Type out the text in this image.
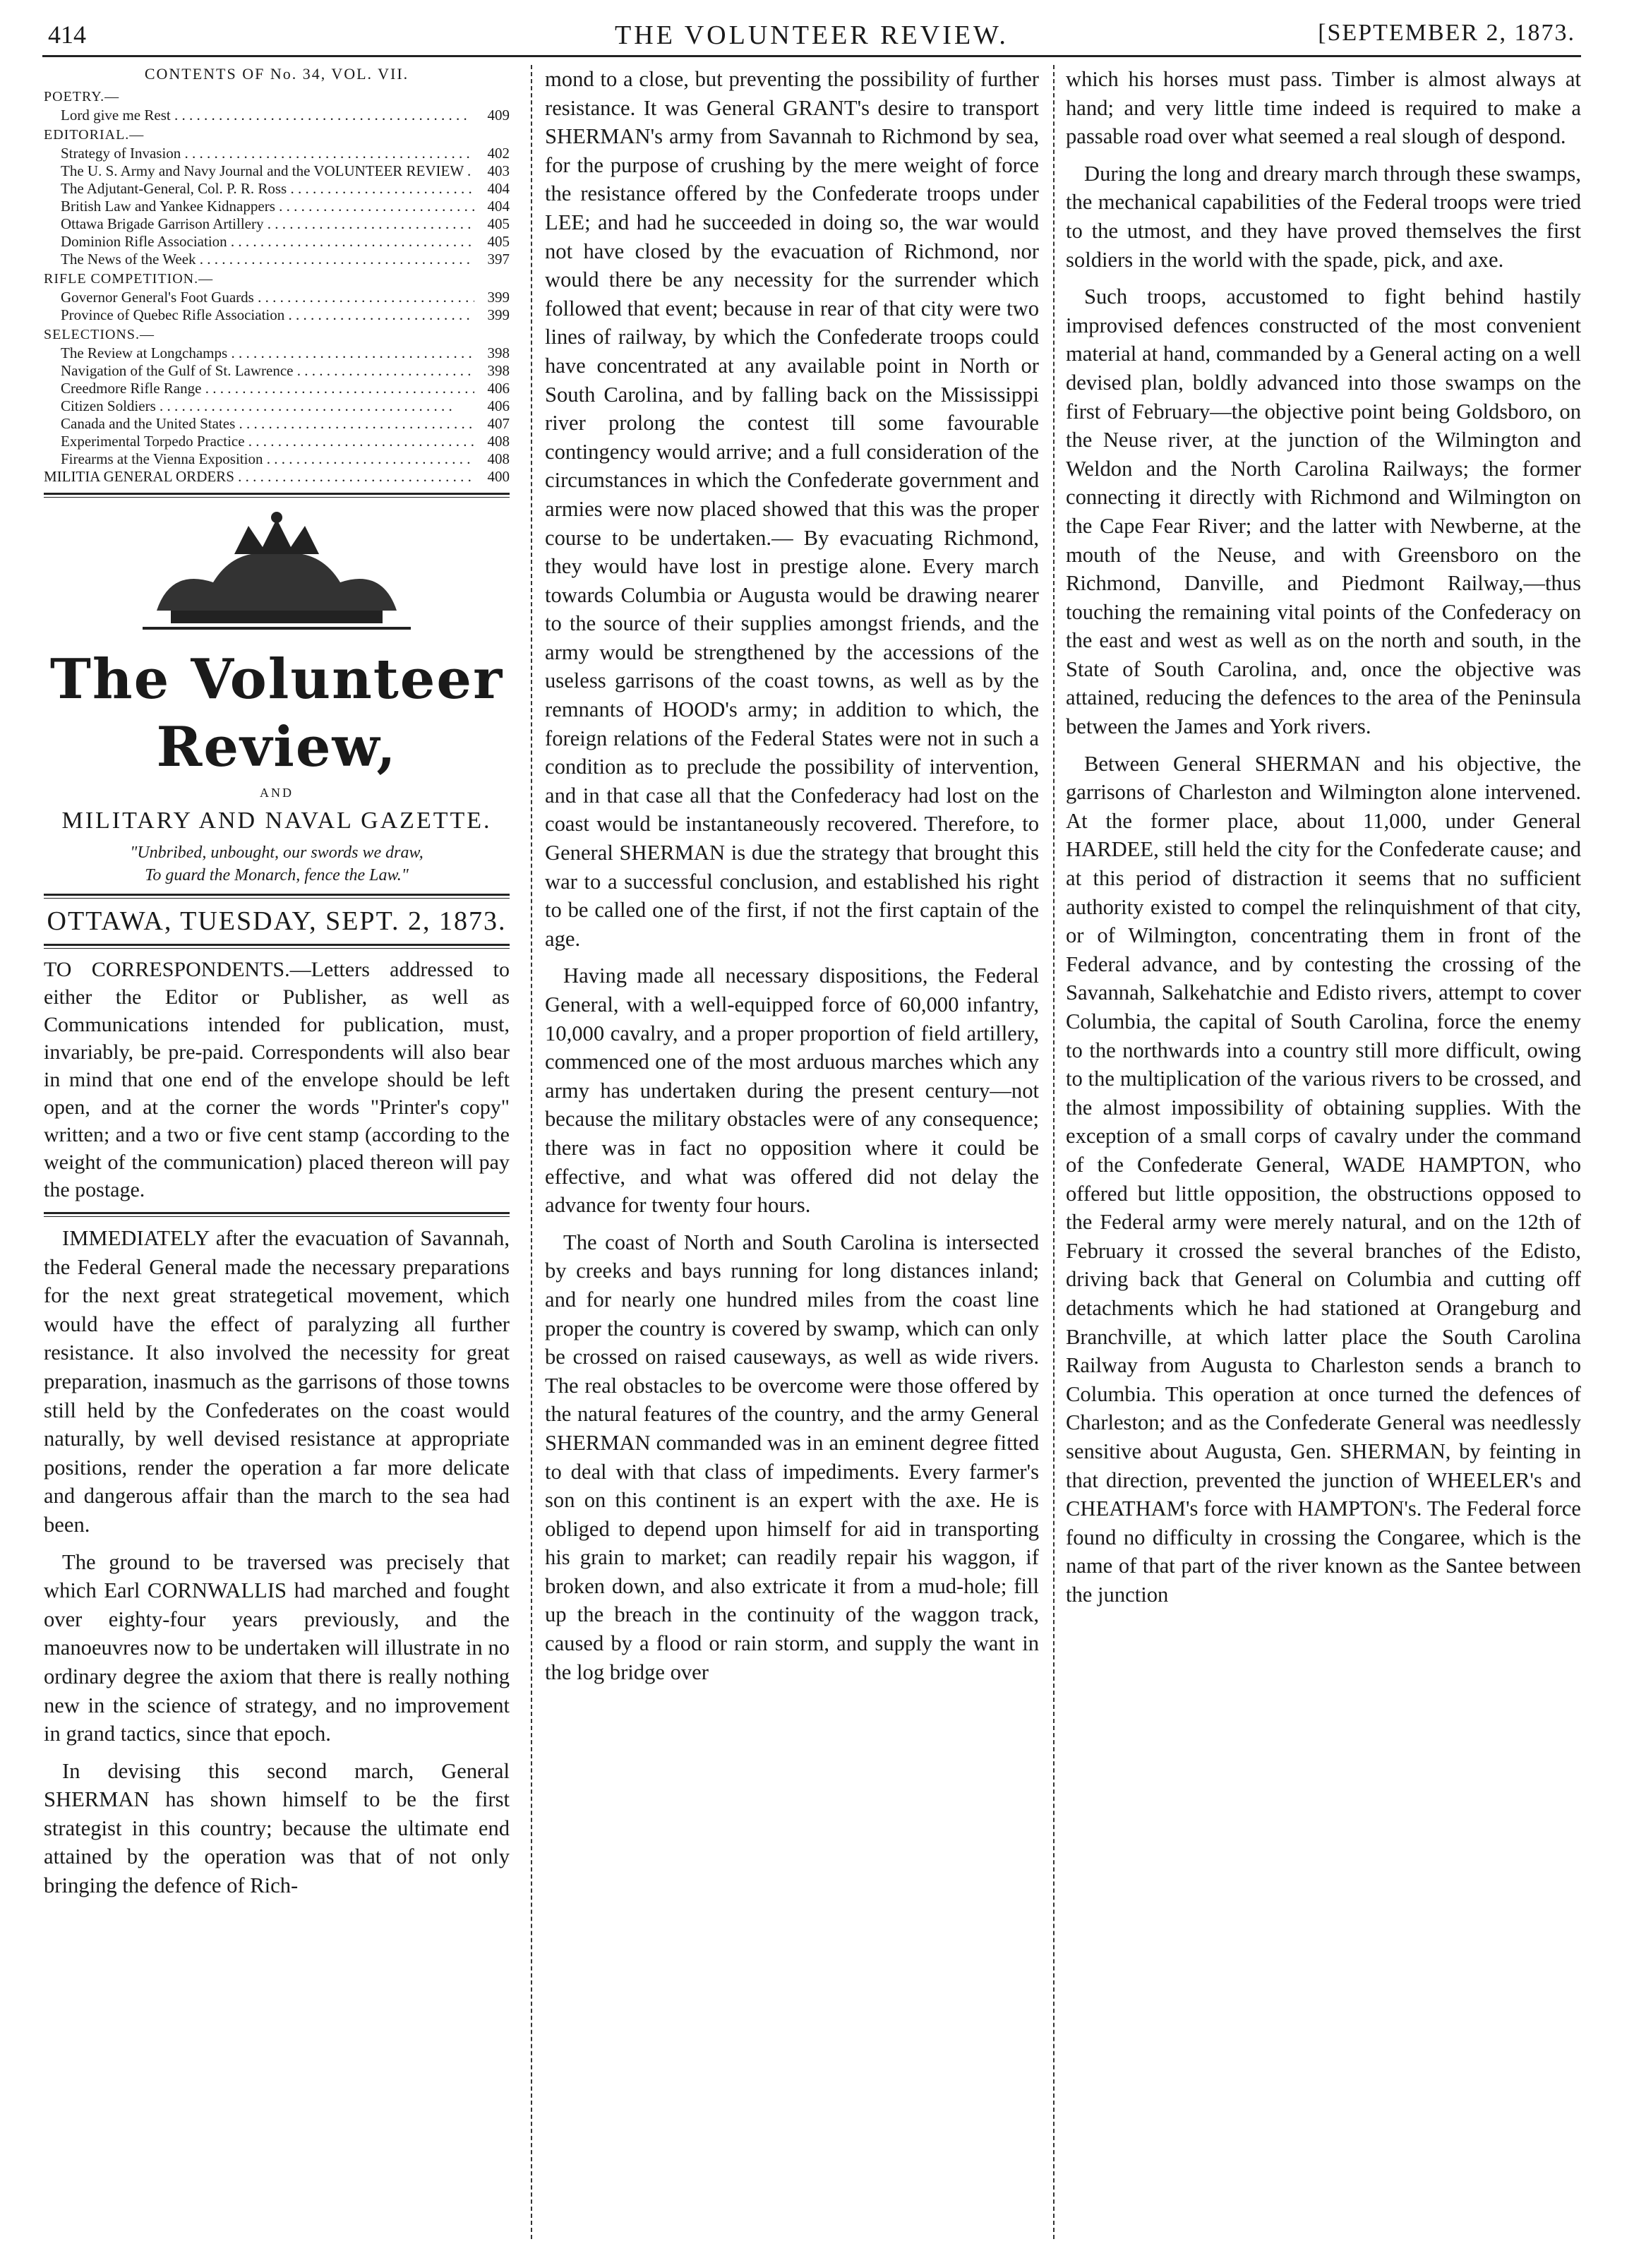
414	THE VOLUNTEER REVIEW.	[SEPTEMBER 2, 1873.
CONTENTS OF No. 34, VOL. VII.
POETRY.—
Lord give me Rest . . .	409
EDITORIAL.—
Strategy of Invasion . . .	402
The U. S. Army and Navy Journal and the VOLUNTEER REVIEW . . .	403
The Adjutant-General, Col. P. R. Ross . . .	404
British Law and Yankee Kidnappers . . .	404
Ottawa Brigade Garrison Artillery . . .	405
Dominion Rifle Association . . .	405
The News of the Week . . .	397
RIFLE COMPETITION.—
Governor General's Foot Guards . . .	399
Province of Quebec Rifle Association . . .	399
SELECTIONS.—
The Review at Longchamps . . .	398
Navigation of the Gulf of St. Lawrence . . .	398
Creedmore Rifle Range . . .	406
Citizen Soldiers . . .	406
Canada and the United States . . .	407
Experimental Torpedo Practice . . .	408
Firearms at the Vienna Exposition . . .	408
MILITIA GENERAL ORDERS . . .	400
The Volunteer Review,
AND
MILITARY AND NAVAL GAZETTE.
"Unbribed, unbought, our swords we draw,
To guard the Monarch, fence the Law."
OTTAWA, TUESDAY, SEPT. 2, 1873.
TO CORRESPONDENTS.—Letters addressed to either the Editor or Publisher, as well as Communications intended for publication, must, invariably, be pre-paid. Correspondents will also bear in mind that one end of the envelope should be left open, and at the corner the words "Printer's copy" written; and a two or five cent stamp (according to the weight of the communication) placed thereon will pay the postage.

IMMEDIATELY after the evacuation of Savannah, the Federal General made the necessary preparations for the next great strategetical movement, which would have the effect of paralyzing all further resistance. It also involved the necessity for great preparation, inasmuch as the garrisons of those towns still held by the Confederates on the coast would naturally, by well devised resistance at appropriate positions, render the operation a far more delicate and dangerous affair than the march to the sea had been.

The ground to be traversed was precisely that which Earl CORNWALLIS had marched and fought over eighty-four years previously, and the manoeuvres now to be undertaken will illustrate in no ordinary degree the axiom that there is really nothing new in the science of strategy, and no improvement in grand tactics, since that epoch.

In devising this second march, General SHERMAN has shown himself to be the first strategist in this country; because the ultimate end attained by the operation was that of not only bringing the defence of Rich-

mond to a close, but preventing the possibility of further resistance. It was General GRANT's desire to transport SHERMAN's army from Savannah to Richmond by sea, for the purpose of crushing by the mere weight of force the resistance offered by the Confederate troops under LEE; and had he succeeded in doing so, the war would not have closed by the evacuation of Richmond, nor would there be any necessity for the surrender which followed that event; because in rear of that city were two lines of railway, by which the Confederate troops could have concentrated at any available point in North or South Carolina, and by falling back on the Mississippi river prolong the contest till some favourable contingency would arrive; and a full consideration of the circumstances in which the Confederate government and armies were now placed showed that this was the proper course to be undertaken.— By evacuating Richmond, they would have lost in prestige alone. Every march towards Columbia or Augusta would be drawing nearer to the source of their supplies amongst friends, and the army would be strengthened by the accessions of the useless garrisons of the coast towns, as well as by the remnants of HOOD's army; in addition to which, the foreign relations of the Federal States were not in such a condition as to preclude the possibility of intervention, and in that case all that the Confederacy had lost on the coast would be instantaneously recovered. Therefore, to General SHERMAN is due the strategy that brought this war to a successful conclusion, and established his right to be called one of the first, if not the first captain of the age.

Having made all necessary dispositions, the Federal General, with a well-equipped force of 60,000 infantry, 10,000 cavalry, and a proper proportion of field artillery, commenced one of the most arduous marches which any army has undertaken during the present century—not because the military obstacles were of any consequence; there was in fact no opposition where it could be effective, and what was offered did not delay the advance for twenty four hours.

The coast of North and South Carolina is intersected by creeks and bays running for long distances inland; and for nearly one hundred miles from the coast line proper the country is covered by swamp, which can only be crossed on raised causeways, as well as wide rivers. The real obstacles to be overcome were those offered by the natural features of the country, and the army General SHERMAN commanded was in an eminent degree fitted to deal with that class of impediments. Every farmer's son on this continent is an expert with the axe. He is obliged to depend upon himself for aid in transporting his grain to market; can readily repair his waggon, if broken down, and also extricate it from a mud-hole; fill up the breach in the continuity of the waggon track, caused by a flood or rain storm, and supply the want in the log bridge over

which his horses must pass. Timber is almost always at hand; and very little time indeed is required to make a passable road over what seemed a real slough of despond.

During the long and dreary march through these swamps, the mechanical capabilities of the Federal troops were tried to the utmost, and they have proved themselves the first soldiers in the world with the spade, pick, and axe.

Such troops, accustomed to fight behind hastily improvised defences constructed of the most convenient material at hand, commanded by a General acting on a well devised plan, boldly advanced into those swamps on the first of February—the objective point being Goldsboro, on the Neuse river, at the junction of the Wilmington and Weldon and the North Carolina Railways; the former connecting it directly with Richmond and Wilmington on the Cape Fear River; and the latter with Newberne, at the mouth of the Neuse, and with Greensboro on the Richmond, Danville, and Piedmont Railway,—thus touching the remaining vital points of the Confederacy on the east and west as well as on the north and south, in the State of South Carolina, and, once the objective was attained, reducing the defences to the area of the Peninsula between the James and York rivers.

Between General SHERMAN and his objective, the garrisons of Charleston and Wilmington alone intervened. At the former place, about 11,000, under General HARDEE, still held the city for the Confederate cause; and at this period of distraction it seems that no sufficient authority existed to compel the relinquishment of that city, or of Wilmington, concentrating them in front of the Federal advance, and by contesting the crossing of the Savannah, Salkehatchie and Edisto rivers, attempt to cover Columbia, the capital of South Carolina, force the enemy to the northwards into a country still more difficult, owing to the multiplication of the various rivers to be crossed, and the almost impossibility of obtaining supplies. With the exception of a small corps of cavalry under the command of the Confederate General, WADE HAMPTON, who offered but little opposition, the obstructions opposed to the Federal army were merely natural, and on the 12th of February it crossed the several branches of the Edisto, driving back that General on Columbia and cutting off detachments which he had stationed at Orangeburg and Branchville, at which latter place the South Carolina Railway from Augusta to Charleston sends a branch to Columbia. This operation at once turned the defences of Charleston; and as the Confederate General was needlessly sensitive about Augusta, Gen. SHERMAN, by feinting in that direction, prevented the junction of WHEELER's and CHEATHAM's force with HAMPTON's. The Federal force found no difficulty in crossing the Congaree, which is the name of that part of the river known as the Santee between the junction
